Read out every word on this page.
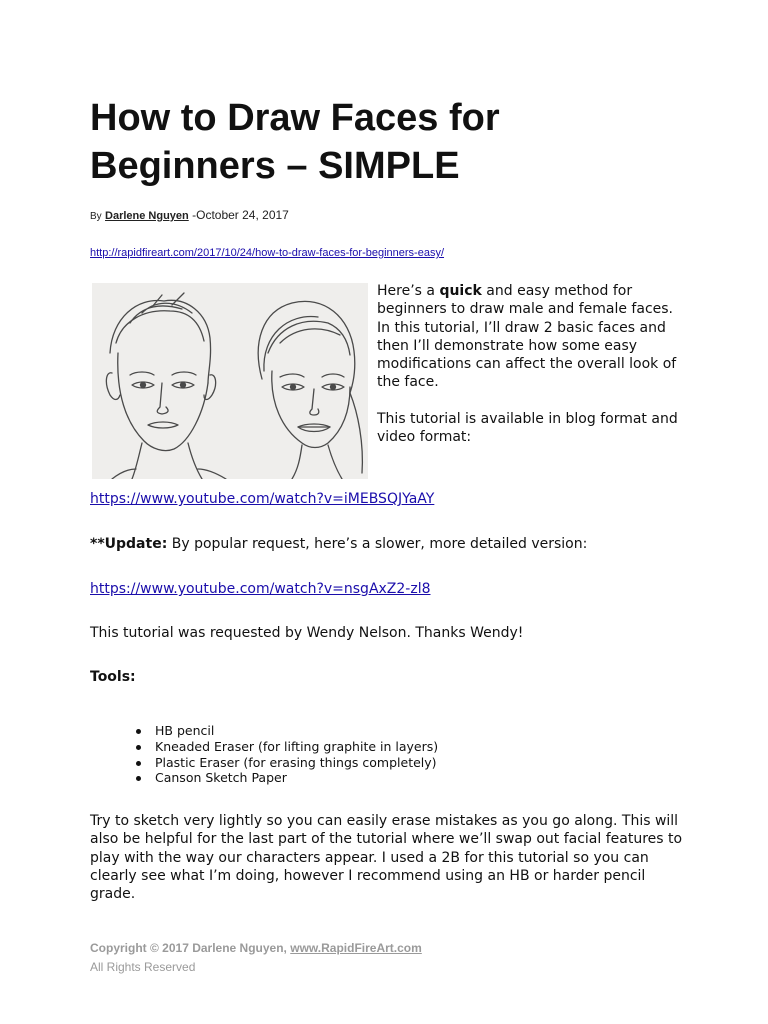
How to Draw Faces for
Beginners – SIMPLE
By Darlene Nguyen -October 24, 2017
http://rapidfireart.com/2017/10/24/how-to-draw-faces-for-beginners-easy/

Here’s a quick and easy method for beginners to draw male and female faces. In this tutorial, I’ll draw 2 basic faces and then I’ll demonstrate how some easy modifications can affect the overall look of the face.

This tutorial is available in blog format and video format:

https://www.youtube.com/watch?v=iMEBSQJYaAY
**Update: By popular request, here’s a slower, more detailed version:
https://www.youtube.com/watch?v=nsgAxZ2-zl8
This tutorial was requested by Wendy Nelson. Thanks Wendy!
Tools:
HB pencil
Kneaded Eraser (for lifting graphite in layers)
Plastic Eraser (for erasing things completely)
Canson Sketch Paper

Try to sketch very lightly so you can easily erase mistakes as you go along. This will also be helpful for the last part of the tutorial where we’ll swap out facial features to play with the way our characters appear. I used a 2B for this tutorial so you can clearly see what I’m doing, however I recommend using an HB or harder pencil grade.

Copyright © 2017 Darlene Nguyen, www.RapidFireArt.com
All Rights Reserved
